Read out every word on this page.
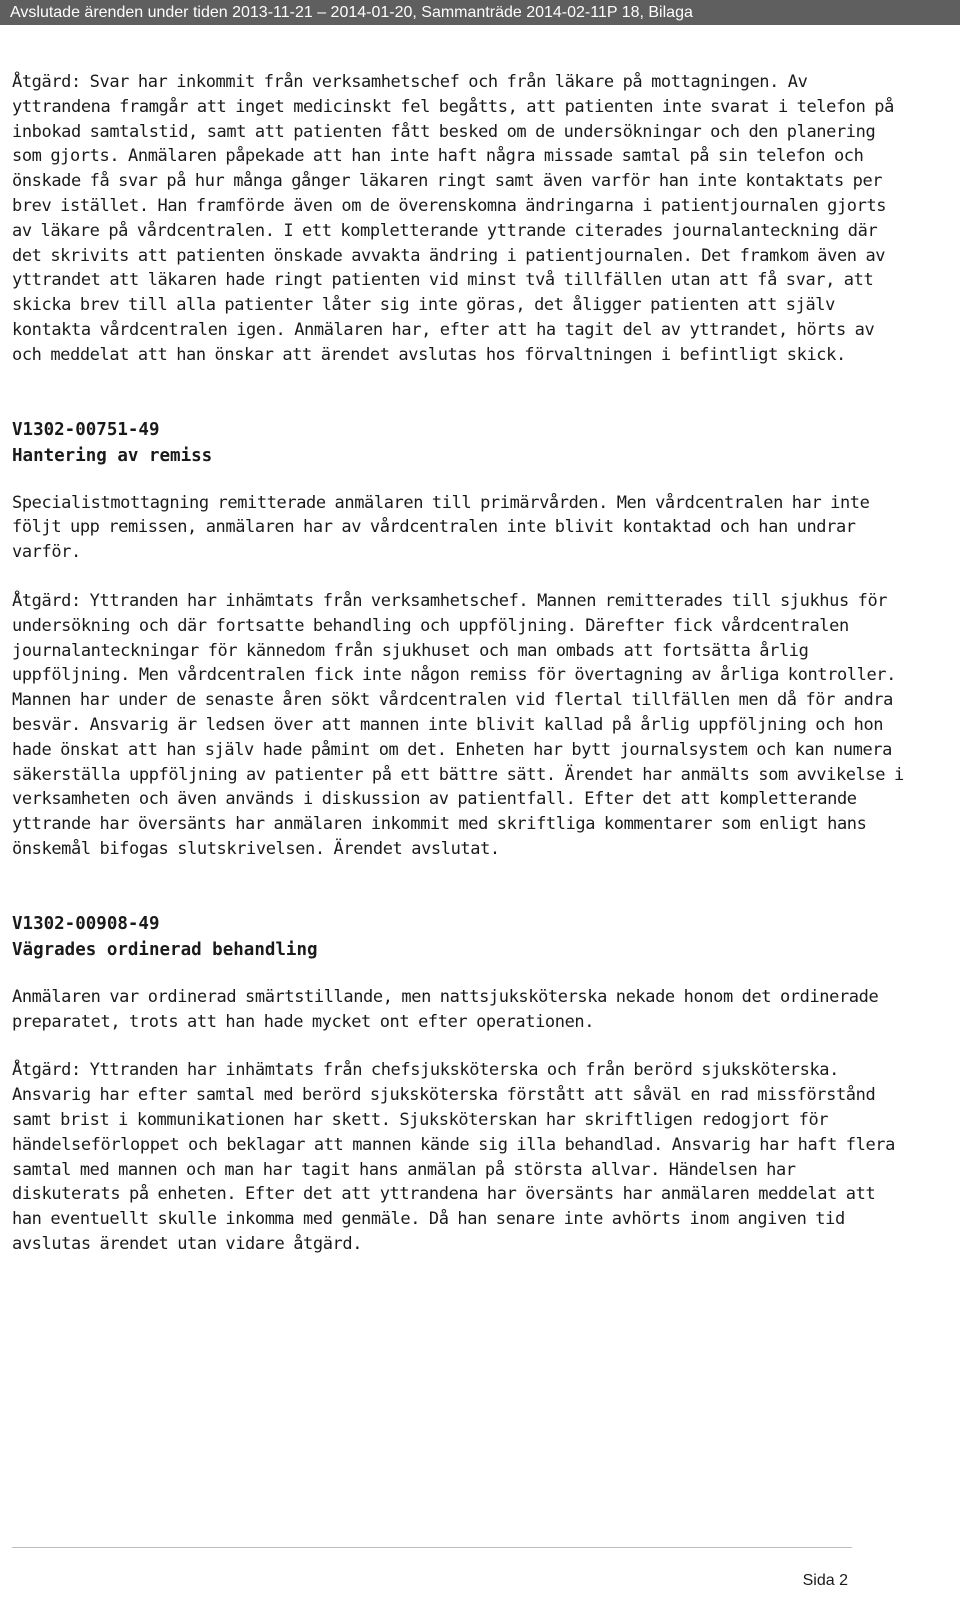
Avslutade ärenden under tiden 2013-11-21 – 2014-01-20, Sammanträde 2014-02-11P 18, Bilaga

Åtgärd: Svar har inkommit från verksamhetschef och från läkare på mottagningen. Av yttrandena framgår att inget medicinskt fel begåtts, att patienten inte svarat i telefon på inbokad samtalstid, samt att patienten fått besked om de undersökningar och den planering som gjorts. Anmälaren påpekade att han inte haft några missade samtal på sin telefon och önskade få svar på hur många gånger läkaren ringt samt även varför han inte kontaktats per brev istället. Han framförde även om de överenskomna ändringarna i patientjournalen gjorts av läkare på vårdcentralen. I ett kompletterande yttrande citerades journalanteckning där det skrivits att patienten önskade avvakta ändring i patientjournalen. Det framkom även av yttrandet att läkaren hade ringt patienten vid minst två tillfällen utan att få svar, att skicka brev till alla patienter låter sig inte göras, det åligger patienten att själv kontakta vårdcentralen igen. Anmälaren har, efter att ha tagit del av yttrandet, hörts av och meddelat att han önskar att ärendet avslutas hos förvaltningen i befintligt skick.

V1302-00751-49
Hantering av remiss

Specialistmottagning remitterade anmälaren till primärvården. Men vårdcentralen har inte följt upp remissen, anmälaren har av vårdcentralen inte blivit kontaktad och han undrar varför.

Åtgärd: Yttranden har inhämtats från verksamhetschef. Mannen remitterades till sjukhus för undersökning och där fortsatte behandling och uppföljning. Därefter fick vårdcentralen journalanteckningar för kännedom från sjukhuset och man ombads att fortsätta årlig uppföljning. Men vårdcentralen fick inte någon remiss för övertagning av årliga kontroller. Mannen har under de senaste åren sökt vårdcentralen vid flertal tillfällen men då för andra besvär. Ansvarig är ledsen över att mannen inte blivit kallad på årlig uppföljning och hon hade önskat att han själv hade påmint om det. Enheten har bytt journalsystem och kan numera säkerställa uppföljning av patienter på ett bättre sätt. Ärendet har anmälts som avvikelse i verksamheten och även används i diskussion av patientfall. Efter det att kompletterande yttrande har översänts har anmälaren inkommit med skriftliga kommentarer som enligt hans önskemål bifogas slutskrivelsen. Ärendet avslutat.

V1302-00908-49
Vägrades ordinerad behandling

Anmälaren var ordinerad smärtstillande, men nattsjuksköterska nekade honom det ordinerade preparatet, trots att han hade mycket ont efter operationen.

Åtgärd: Yttranden har inhämtats från chefsjuksköterska och från berörd sjuksköterska. Ansvarig har efter samtal med berörd sjuksköterska förstått att såväl en rad missförstånd samt brist i kommunikationen har skett. Sjuksköterskan har skriftligen redogjort för händelseförloppet och beklagar att mannen kände sig illa behandlad. Ansvarig har haft flera samtal med mannen och man har tagit hans anmälan på största allvar. Händelsen har diskuterats på enheten. Efter det att yttrandena har översänts har anmälaren meddelat att han eventuellt skulle inkomma med genmäle. Då han senare inte avhörts inom angiven tid avslutas ärendet utan vidare åtgärd.

Sida 2
